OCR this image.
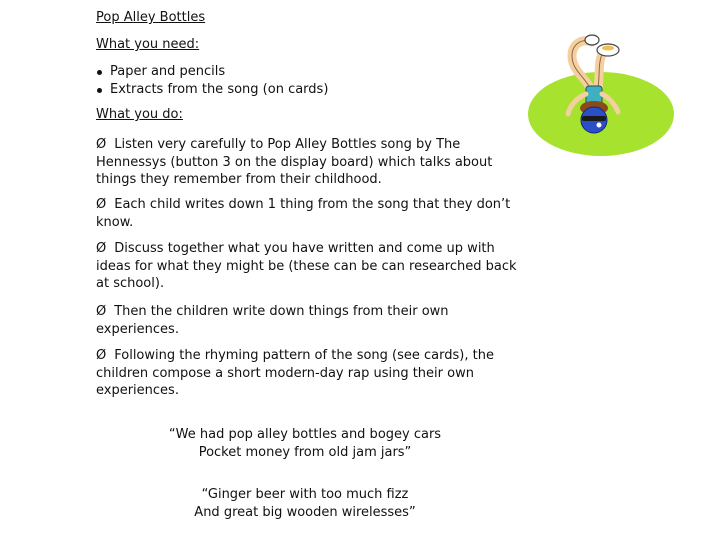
Pop Alley Bottles
What you need:
Paper and pencils
Extracts from the song (on cards)
What you do:

Ø Listen very carefully to Pop Alley Bottles song by The Hennessys (button 3 on the display board) which talks about things they remember from their childhood.

Ø Each child writes down 1 thing from the song that they don’t know.

Ø Discuss together what you have written and come up with ideas for what they might be (these can be can researched back at school).

Ø Then the children write down things from their own experiences.

Ø Following the rhyming pattern of the song (see cards), the children compose a short modern-day rap using their own experiences.

“We had pop alley bottles and bogey cars
Pocket money from old jam jars”
“Ginger beer with too much fizz
And great big wooden wirelesses”
